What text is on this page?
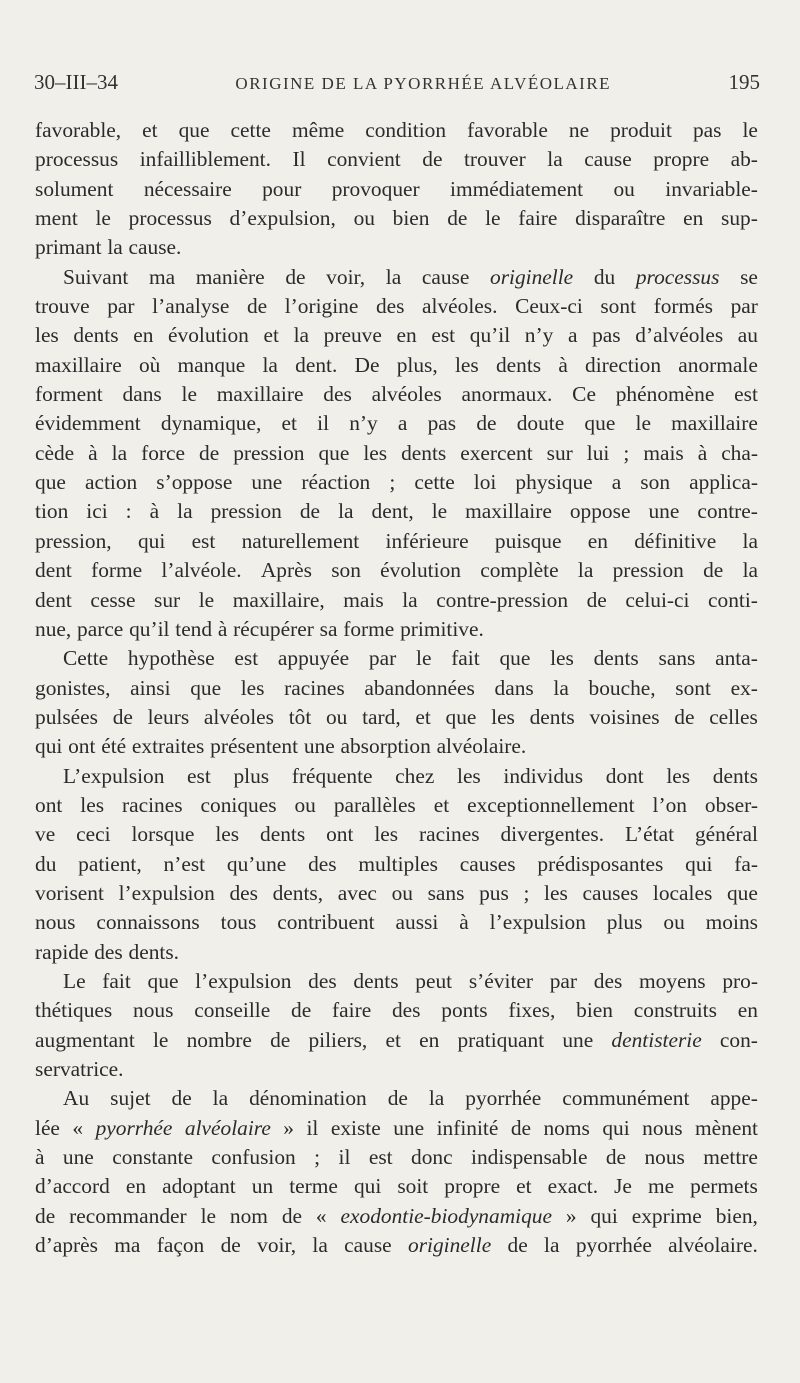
30–III–34	ORIGINE DE LA PYORRHÉE ALVÉOLAIRE	195
favorable, et que cette même condition favorable ne produit pas le
processus infailliblement. Il convient de trouver la cause propre ab-
solument nécessaire pour provoquer immédiatement ou invariable-
ment le processus d’expulsion, ou bien de le faire disparaître en sup-
primant la cause.
Suivant ma manière de voir, la cause originelle du processus se
trouve par l’analyse de l’origine des alvéoles. Ceux-ci sont formés par
les dents en évolution et la preuve en est qu’il n’y a pas d’alvéoles au
maxillaire où manque la dent. De plus, les dents à direction anormale
forment dans le maxillaire des alvéoles anormaux. Ce phénomène est
évidemment dynamique, et il n’y a pas de doute que le maxillaire
cède à la force de pression que les dents exercent sur lui ; mais à cha-
que action s’oppose une réaction ; cette loi physique a son applica-
tion ici : à la pression de la dent, le maxillaire oppose une contre-
pression, qui est naturellement inférieure puisque en définitive la
dent forme l’alvéole. Après son évolution complète la pression de la
dent cesse sur le maxillaire, mais la contre-pression de celui-ci conti-
nue, parce qu’il tend à récupérer sa forme primitive.
Cette hypothèse est appuyée par le fait que les dents sans anta-
gonistes, ainsi que les racines abandonnées dans la bouche, sont ex-
pulsées de leurs alvéoles tôt ou tard, et que les dents voisines de celles
qui ont été extraites présentent une absorption alvéolaire.
L’expulsion est plus fréquente chez les individus dont les dents
ont les racines coniques ou parallèles et exceptionnellement l’on obser-
ve ceci lorsque les dents ont les racines divergentes. L’état général
du patient, n’est qu’une des multiples causes prédisposantes qui fa-
vorisent l’expulsion des dents, avec ou sans pus ; les causes locales que
nous connaissons tous contribuent aussi à l’expulsion plus ou moins
rapide des dents.
Le fait que l’expulsion des dents peut s’éviter par des moyens pro-
thétiques nous conseille de faire des ponts fixes, bien construits en
augmentant le nombre de piliers, et en pratiquant une dentisterie con-
servatrice.
Au sujet de la dénomination de la pyorrhée communément appe-
lée « pyorrhée alvéolaire » il existe une infinité de noms qui nous mènent
à une constante confusion ; il est donc indispensable de nous mettre
d’accord en adoptant un terme qui soit propre et exact. Je me permets
de recommander le nom de « exodontie-biodynamique » qui exprime bien,
d’après ma façon de voir, la cause originelle de la pyorrhée alvéolaire.
